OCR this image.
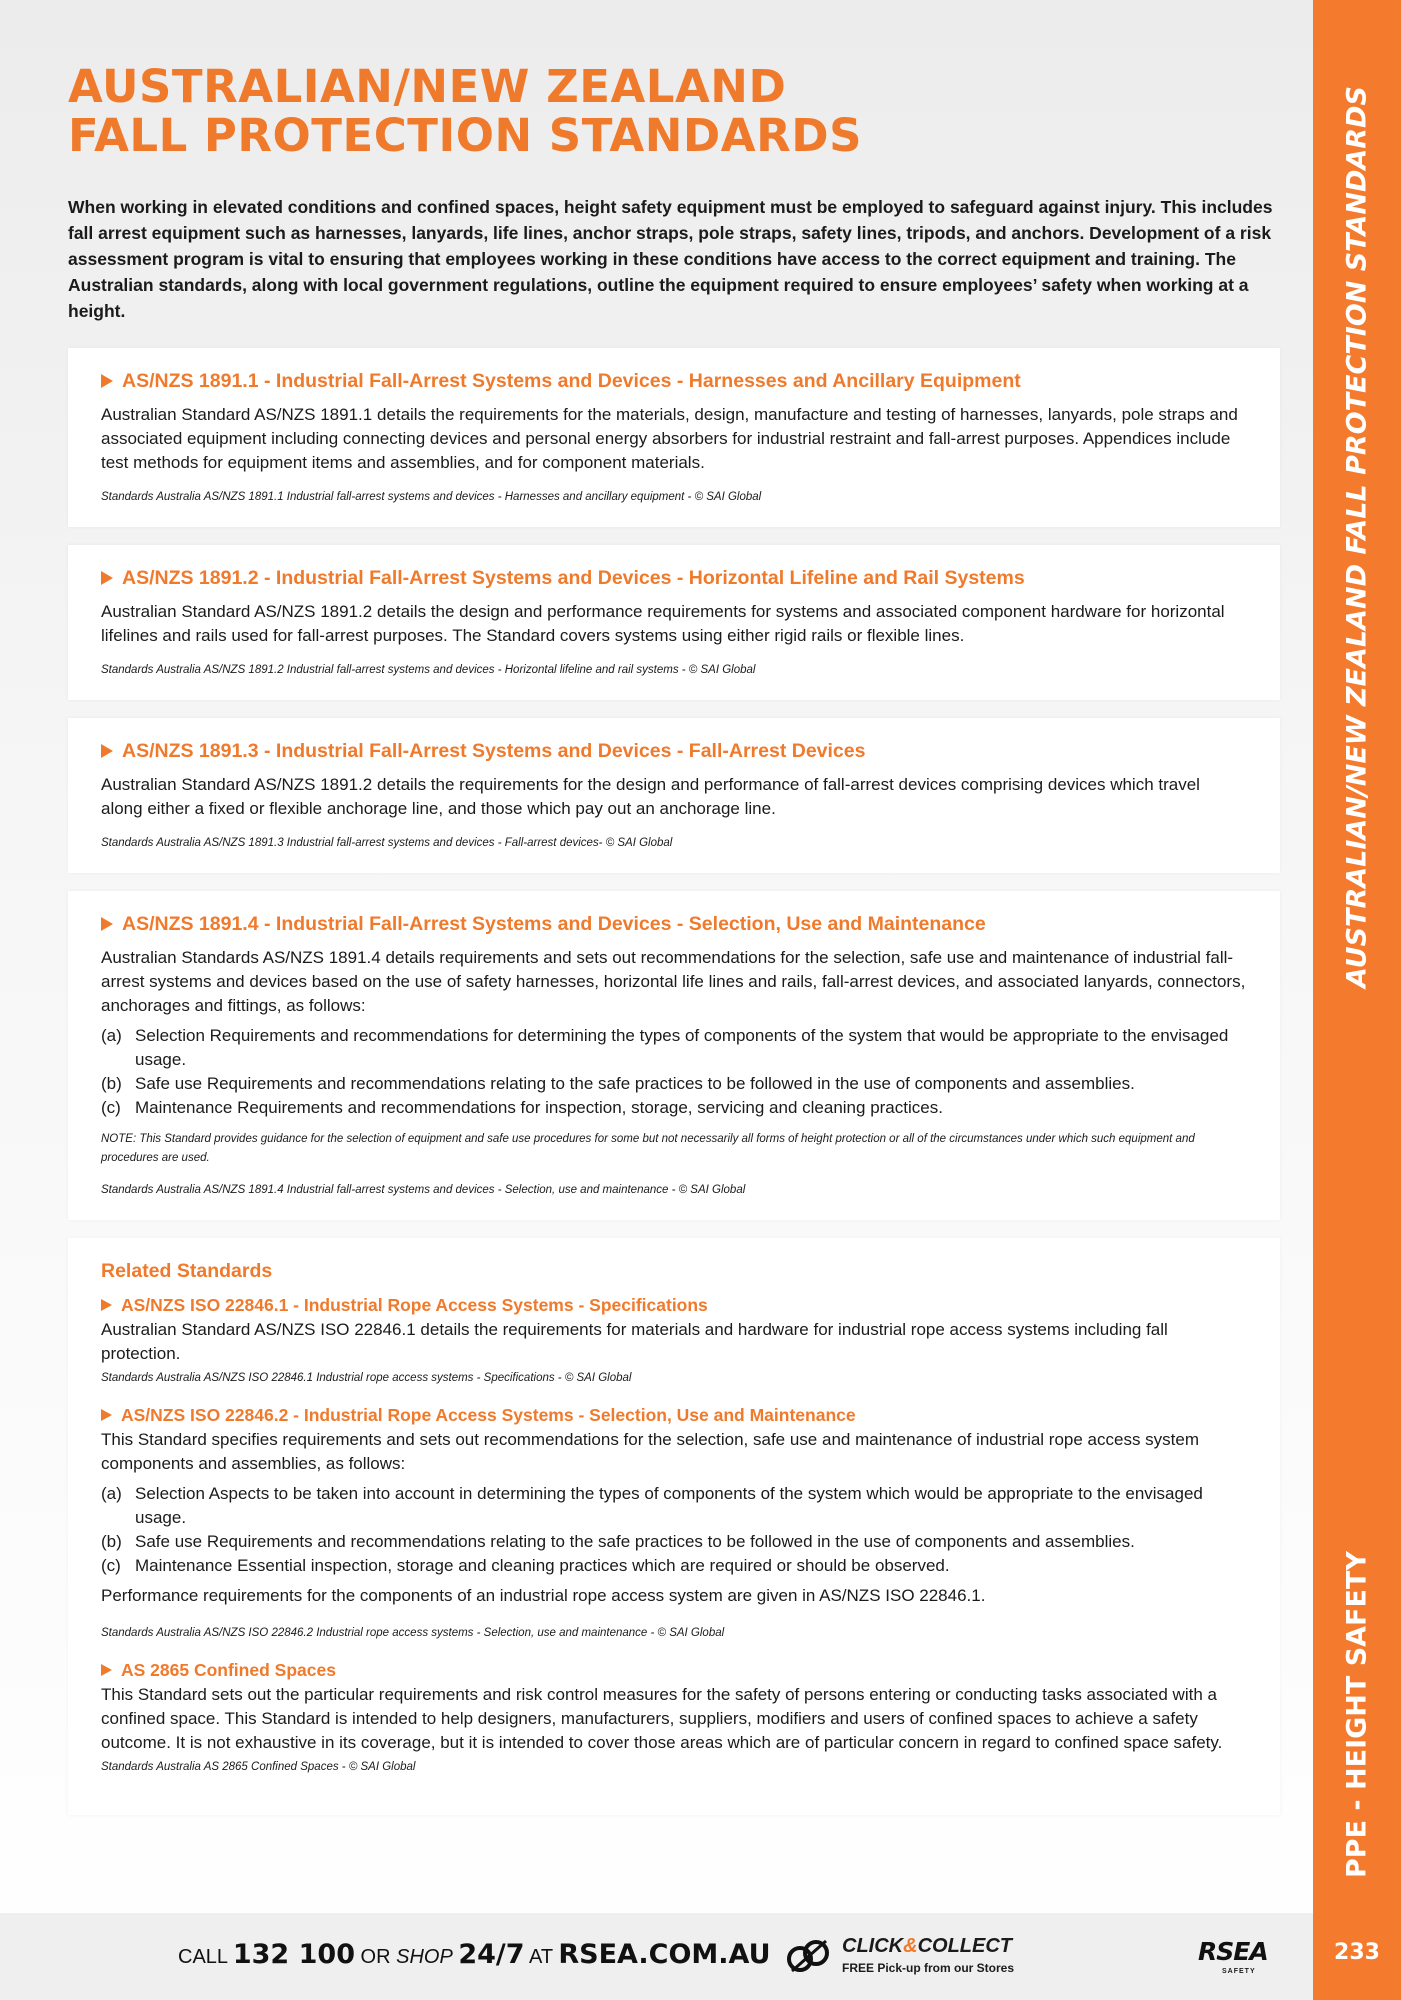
AUSTRALIAN/NEW ZEALAND
FALL PROTECTION STANDARDS

When working in elevated conditions and confined spaces, height safety equipment must be employed to safeguard against injury. This includes fall arrest equipment such as harnesses, lanyards, life lines, anchor straps, pole straps, safety lines, tripods, and anchors. Development of a risk assessment program is vital to ensuring that employees working in these conditions have access to the correct equipment and training. The Australian standards, along with local government regulations, outline the equipment required to ensure employees’ safety when working at a height.

AS/NZS 1891.1 - Industrial Fall-Arrest Systems and Devices - Harnesses and Ancillary Equipment

Australian Standard AS/NZS 1891.1 details the requirements for the materials, design, manufacture and testing of harnesses, lanyards, pole straps and associated equipment including connecting devices and personal energy absorbers for industrial restraint and fall-arrest purposes. Appendices include test methods for equipment items and assemblies, and for component materials.

Standards Australia AS/NZS 1891.1 Industrial fall-arrest systems and devices - Harnesses and ancillary equipment - © SAI Global
AS/NZS 1891.2 - Industrial Fall-Arrest Systems and Devices - Horizontal Lifeline and Rail Systems

Australian Standard AS/NZS 1891.2 details the design and performance requirements for systems and associated component hardware for horizontal lifelines and rails used for fall-arrest purposes. The Standard covers systems using either rigid rails or flexible lines.

Standards Australia AS/NZS 1891.2 Industrial fall-arrest systems and devices - Horizontal lifeline and rail systems - © SAI Global
AS/NZS 1891.3 - Industrial Fall-Arrest Systems and Devices - Fall-Arrest Devices

Australian Standard AS/NZS 1891.2 details the requirements for the design and performance of fall-arrest devices comprising devices which travel along either a fixed or flexible anchorage line, and those which pay out an anchorage line.

Standards Australia AS/NZS 1891.3 Industrial fall-arrest systems and devices - Fall-arrest devices- © SAI Global
AS/NZS 1891.4 - Industrial Fall-Arrest Systems and Devices - Selection, Use and Maintenance

Australian Standards AS/NZS 1891.4 details requirements and sets out recommendations for the selection, safe use and maintenance of industrial fall-arrest systems and devices based on the use of safety harnesses, horizontal life lines and rails, fall-arrest devices, and associated lanyards, connectors, anchorages and fittings, as follows:

(a) Selection Requirements and recommendations for determining the types of components of the system that would be appropriate to the envisaged usage.
(b) Safe use Requirements and recommendations relating to the safe practices to be followed in the use of components and assemblies.
(c) Maintenance Requirements and recommendations for inspection, storage, servicing and cleaning practices.
NOTE: This Standard provides guidance for the selection of equipment and safe use procedures for some but not necessarily all forms of height protection or all of the circumstances under which such equipment and procedures are used.
Standards Australia AS/NZS 1891.4 Industrial fall-arrest systems and devices - Selection, use and maintenance - © SAI Global
Related Standards
AS/NZS ISO 22846.1 - Industrial Rope Access Systems - Specifications

Australian Standard AS/NZS ISO 22846.1 details the requirements for materials and hardware for industrial rope access systems including fall protection.

Standards Australia AS/NZS ISO 22846.1 Industrial rope access systems - Specifications - © SAI Global
AS/NZS ISO 22846.2 - Industrial Rope Access Systems - Selection, Use and Maintenance

This Standard specifies requirements and sets out recommendations for the selection, safe use and maintenance of industrial rope access system components and assemblies, as follows:

(a) Selection Aspects to be taken into account in determining the types of components of the system which would be appropriate to the envisaged usage.
(b) Safe use Requirements and recommendations relating to the safe practices to be followed in the use of components and assemblies.
(c) Maintenance Essential inspection, storage and cleaning practices which are required or should be observed.

Performance requirements for the components of an industrial rope access system are given in AS/NZS ISO 22846.1.

Standards Australia AS/NZS ISO 22846.2 Industrial rope access systems - Selection, use and maintenance - © SAI Global
AS 2865 Confined Spaces

This Standard sets out the particular requirements and risk control measures for the safety of persons entering or conducting tasks associated with a confined space. This Standard is intended to help designers, manufacturers, suppliers, modifiers and users of confined spaces to achieve a safety outcome. It is not exhaustive in its coverage, but it is intended to cover those areas which are of particular concern in regard to confined space safety.

Standards Australia AS 2865 Confined Spaces - © SAI Global
AUSTRALIAN/NEW ZEALAND FALL PROTECTION STANDARDS
PPE - HEIGHT SAFETY
233
CALL 132 100 OR SHOP 24/7 AT RSEA.COM.AU	CLICK&COLLECT
FREE Pick-up from our Stores
RSEA
SAFETY
